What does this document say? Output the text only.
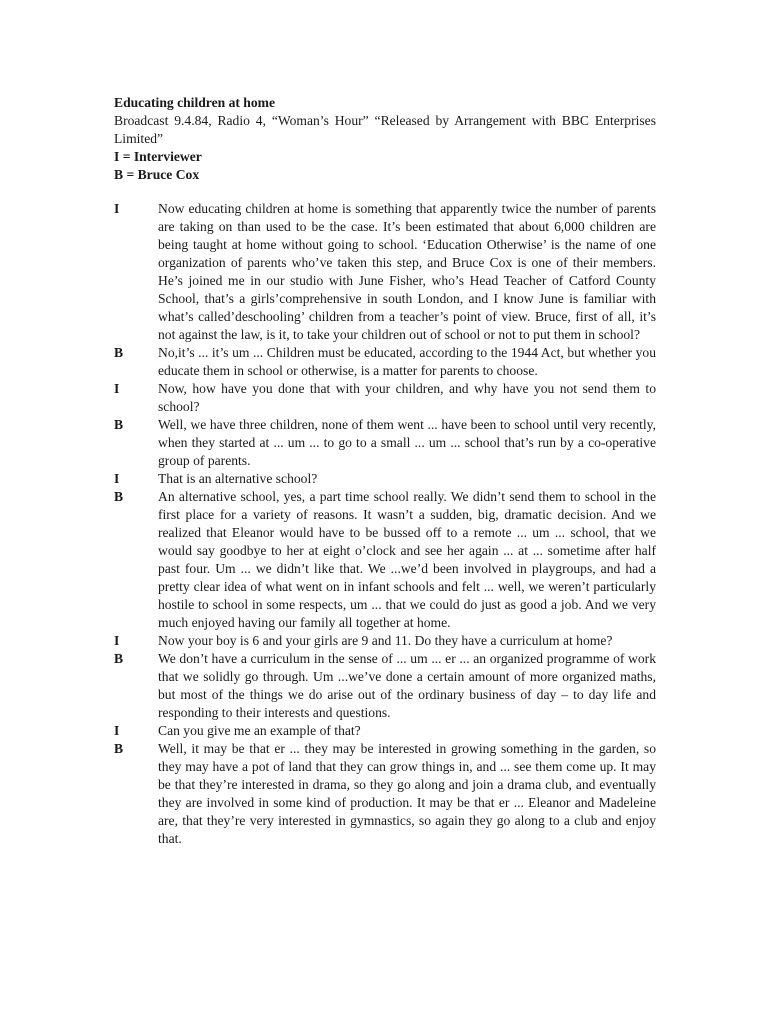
Educating children at home

Broadcast 9.4.84, Radio 4, “Woman’s Hour” “Released by Arrangement with BBC Enterprises Limited”

I = Interviewer

B = Bruce Cox

I	Now educating children at home is something that apparently twice the number of parents are taking on than used to be the case. It’s been estimated that about 6,000 children are being taught at home without going to school. ‘Education Otherwise’ is the name of one organization of parents who’ve taken this step, and Bruce Cox is one of their members. He’s joined me in our studio with June Fisher, who’s Head Teacher of Catford County School, that’s a girls’comprehensive in south London, and I know June is familiar with what’s called’deschooling’ children from a teacher’s point of view. Bruce, first of all, it’s not against the law, is it, to take your children out of school or not to put them in school?

B	No,it’s ... it’s um ... Children must be educated, according to the 1944 Act, but whether you educate them in school or otherwise, is a matter for parents to choose.

I	Now, how have you done that with your children, and why have you not send them to school?

B	Well, we have three children, none of them went ... have been to school until very recently, when they started at ... um ... to go to a small ... um ... school that’s run by a co-operative group of parents.

I	That is an alternative school?

B	An alternative school, yes, a part time school really. We didn’t send them to school in the first place for a variety of reasons. It wasn’t a sudden, big, dramatic decision. And we realized that Eleanor would have to be bussed off to a remote ... um ... school, that we would say goodbye to her at eight o’clock and see her again ... at ... sometime after half past four. Um ... we didn’t like that. We ...we’d been involved in playgroups, and had a pretty clear idea of what went on in infant schools and felt ... well, we weren’t particularly hostile to school in some respects, um ... that we could do just as good a job. And we very much enjoyed having our family all together at home.

I	Now your boy is 6 and your girls are 9 and 11. Do they have a curriculum at home?

B	We don’t have a curriculum in the sense of ... um ... er ... an organized programme of work that we solidly go through. Um ...we’ve done a certain amount of more organized maths, but most of the things we do arise out of the ordinary business of day – to day life and responding to their interests and questions.

I	Can you give me an example of that?

B	Well, it may be that er ... they may be interested in growing something in the garden, so they may have a pot of land that they can grow things in, and ... see them come up. It may be that they’re interested in drama, so they go along and join a drama club, and eventually they are involved in some kind of production. It may be that er ... Eleanor and Madeleine are, that they’re very interested in gymnastics, so again they go along to a club and enjoy that.
